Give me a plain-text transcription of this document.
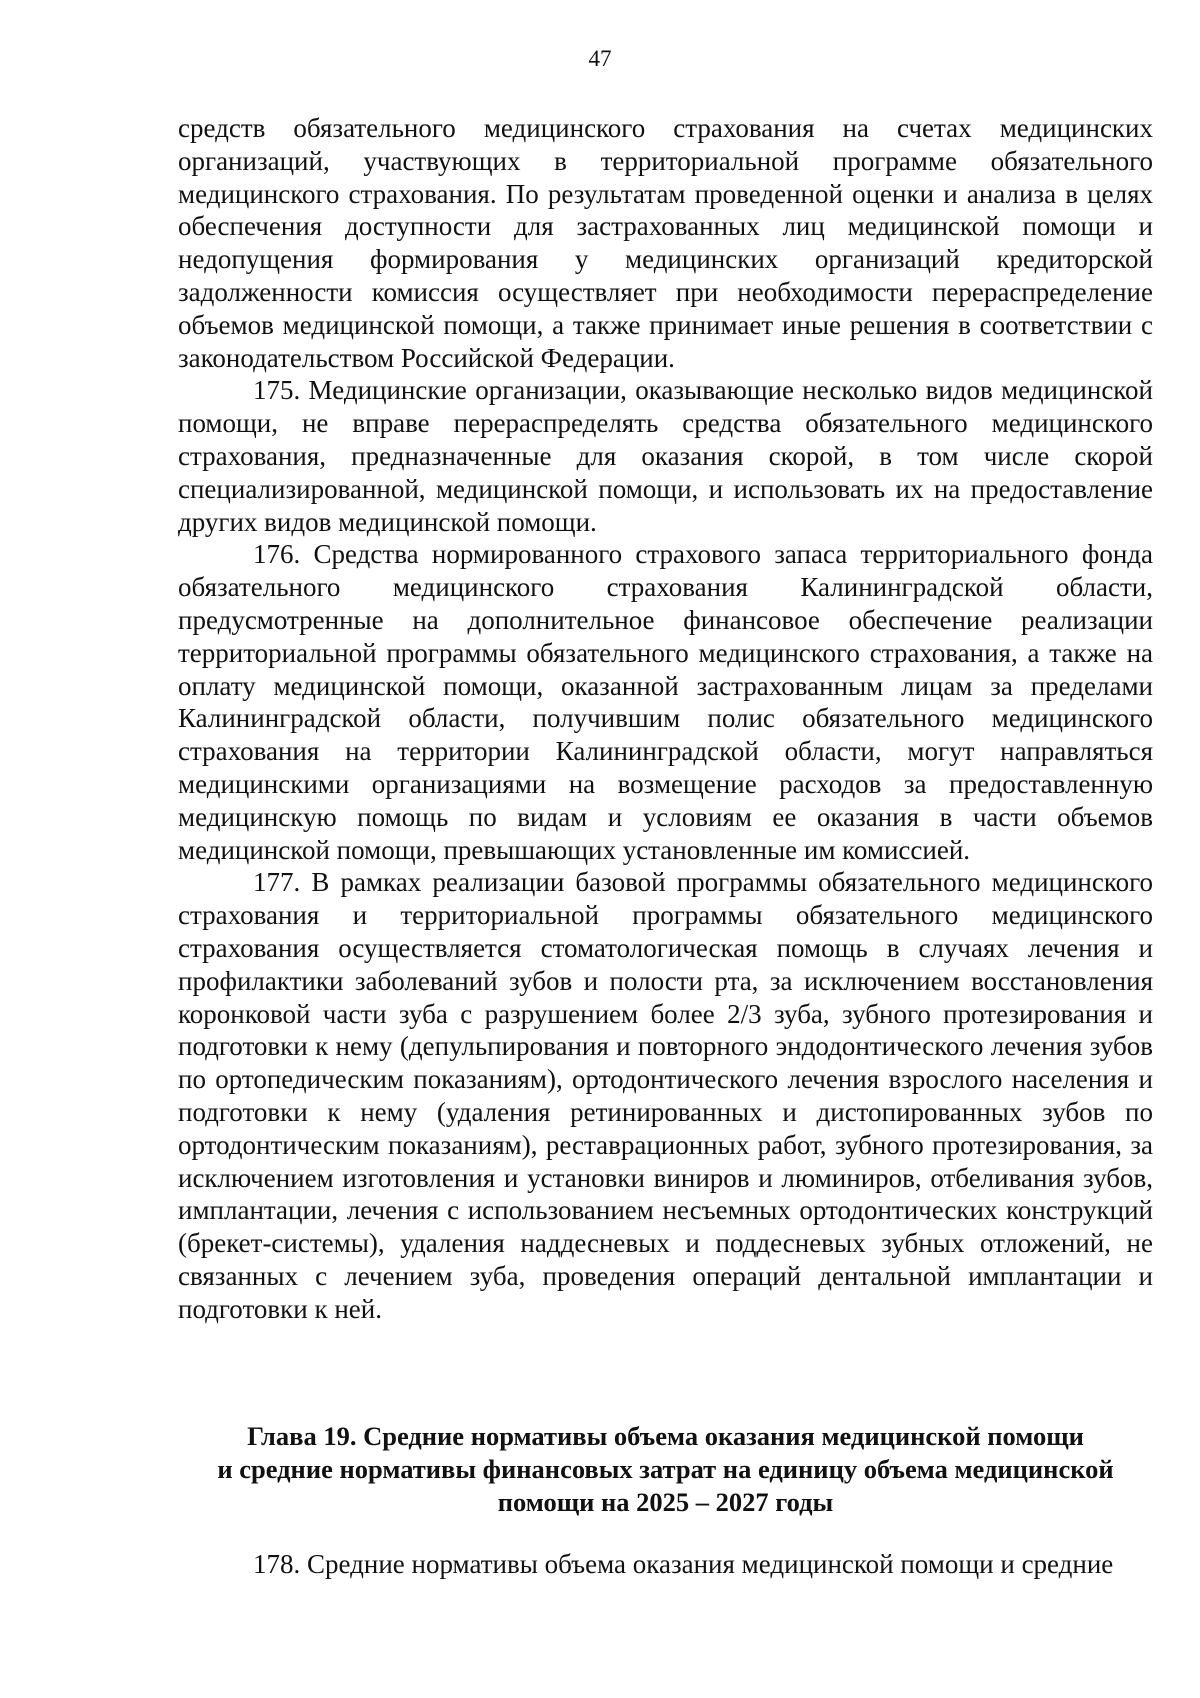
47

средств обязательного медицинского страхования на счетах медицинских организаций, участвующих в территориальной программе обязательного медицинского страхования. По результатам проведенной оценки и анализа в целях обеспечения доступности для застрахованных лиц медицинской помощи и недопущения формирования у медицинских организаций кредиторской задолженности комиссия осуществляет при необходимости перераспределение объемов медицинской помощи, а также принимает иные решения в соответствии с законодательством Российской Федерации.

175. Медицинские организации, оказывающие несколько видов медицинской помощи, не вправе перераспределять средства обязательного медицинского страхования, предназначенные для оказания скорой, в том числе скорой специализированной, медицинской помощи, и использовать их на предоставление других видов медицинской помощи.

176. Средства нормированного страхового запаса территориального фонда обязательного медицинского страхования Калининградской области, предусмотренные на дополнительное финансовое обеспечение реализации территориальной программы обязательного медицинского страхования, а также на оплату медицинской помощи, оказанной застрахованным лицам за пределами Калининградской области, получившим полис обязательного медицинского страхования на территории Калининградской области, могут направляться медицинскими организациями на возмещение расходов за предоставленную медицинскую помощь по видам и условиям ее оказания в части объемов медицинской помощи, превышающих установленные им комиссией.

177. В рамках реализации базовой программы обязательного медицинского страхования и территориальной программы обязательного медицинского страхования осуществляется стоматологическая помощь в случаях лечения и профилактики заболеваний зубов и полости рта, за исключением восстановления коронковой части зуба с разрушением более 2/3 зуба, зубного протезирования и подготовки к нему (депульпирования и повторного эндодонтического лечения зубов по ортопедическим показаниям), ортодонтического лечения взрослого населения и подготовки к нему (удаления ретинированных и дистопированных зубов по ортодонтическим показаниям), реставрационных работ, зубного протезирования, за исключением изготовления и установки виниров и люминиров, отбеливания зубов, имплантации, лечения с использованием несъемных ортодонтических конструкций (брекет-системы), удаления наддесневых и поддесневых зубных отложений, не связанных с лечением зуба, проведения операций дентальной имплантации и подготовки к ней.

Глава 19. Средние нормативы объема оказания медицинской помощи
и средние нормативы финансовых затрат на единицу объема медицинской
помощи на 2025 – 2027 годы

178. Средние нормативы объема оказания медицинской помощи и средние
